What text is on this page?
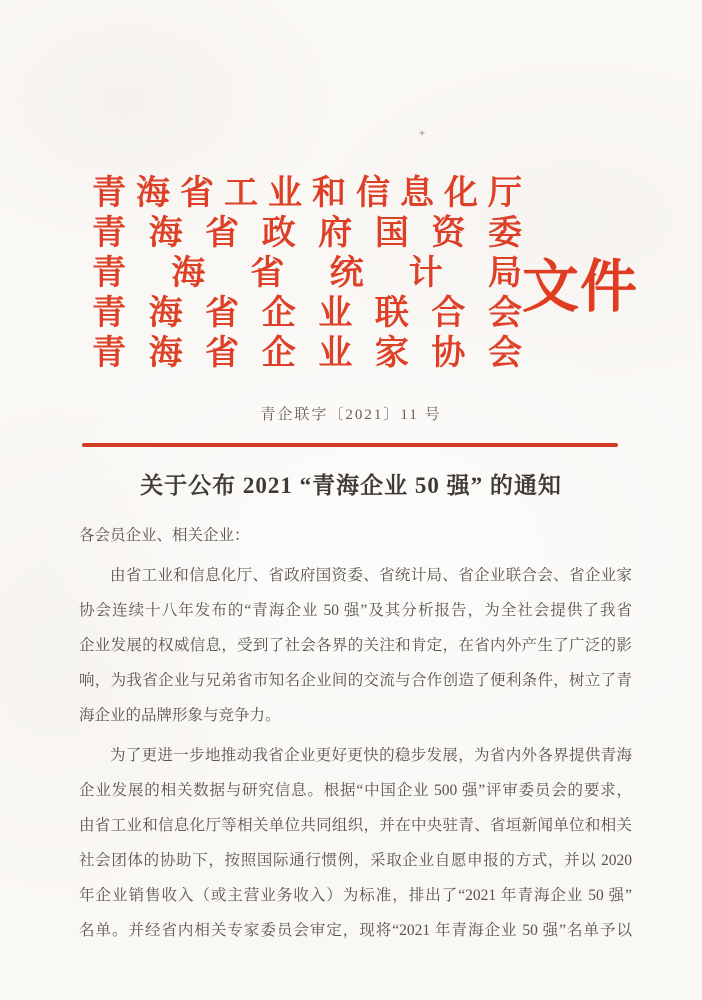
+
青海省工业和信息化厅
青海省政府国资委
青海省统计局
青海省企业联合会
青海省企业家协会
文件
青企联字〔2021〕11 号
关于公布 2021 “青海企业 50 强” 的通知
各会员企业、相关企业：
由省工业和信息化厅、省政府国资委、省统计局、省企业联合会、省企业家
协会连续十八年发布的“青海企业 50 强”及其分析报告，为全社会提供了我省
企业发展的权威信息，受到了社会各界的关注和肯定，在省内外产生了广泛的影
响，为我省企业与兄弟省市知名企业间的交流与合作创造了便利条件，树立了青
海企业的品牌形象与竞争力。
为了更进一步地推动我省企业更好更快的稳步发展，为省内外各界提供青海
企业发展的相关数据与研究信息。根据“中国企业 500 强”评审委员会的要求，
由省工业和信息化厅等相关单位共同组织，并在中央驻青、省垣新闻单位和相关
社会团体的协助下，按照国际通行惯例，采取企业自愿申报的方式，并以 2020
年企业销售收入（或主营业务收入）为标准，排出了“2021 年青海企业 50 强”
名单。并经省内相关专家委员会审定，现将“2021 年青海企业 50 强”名单予以
